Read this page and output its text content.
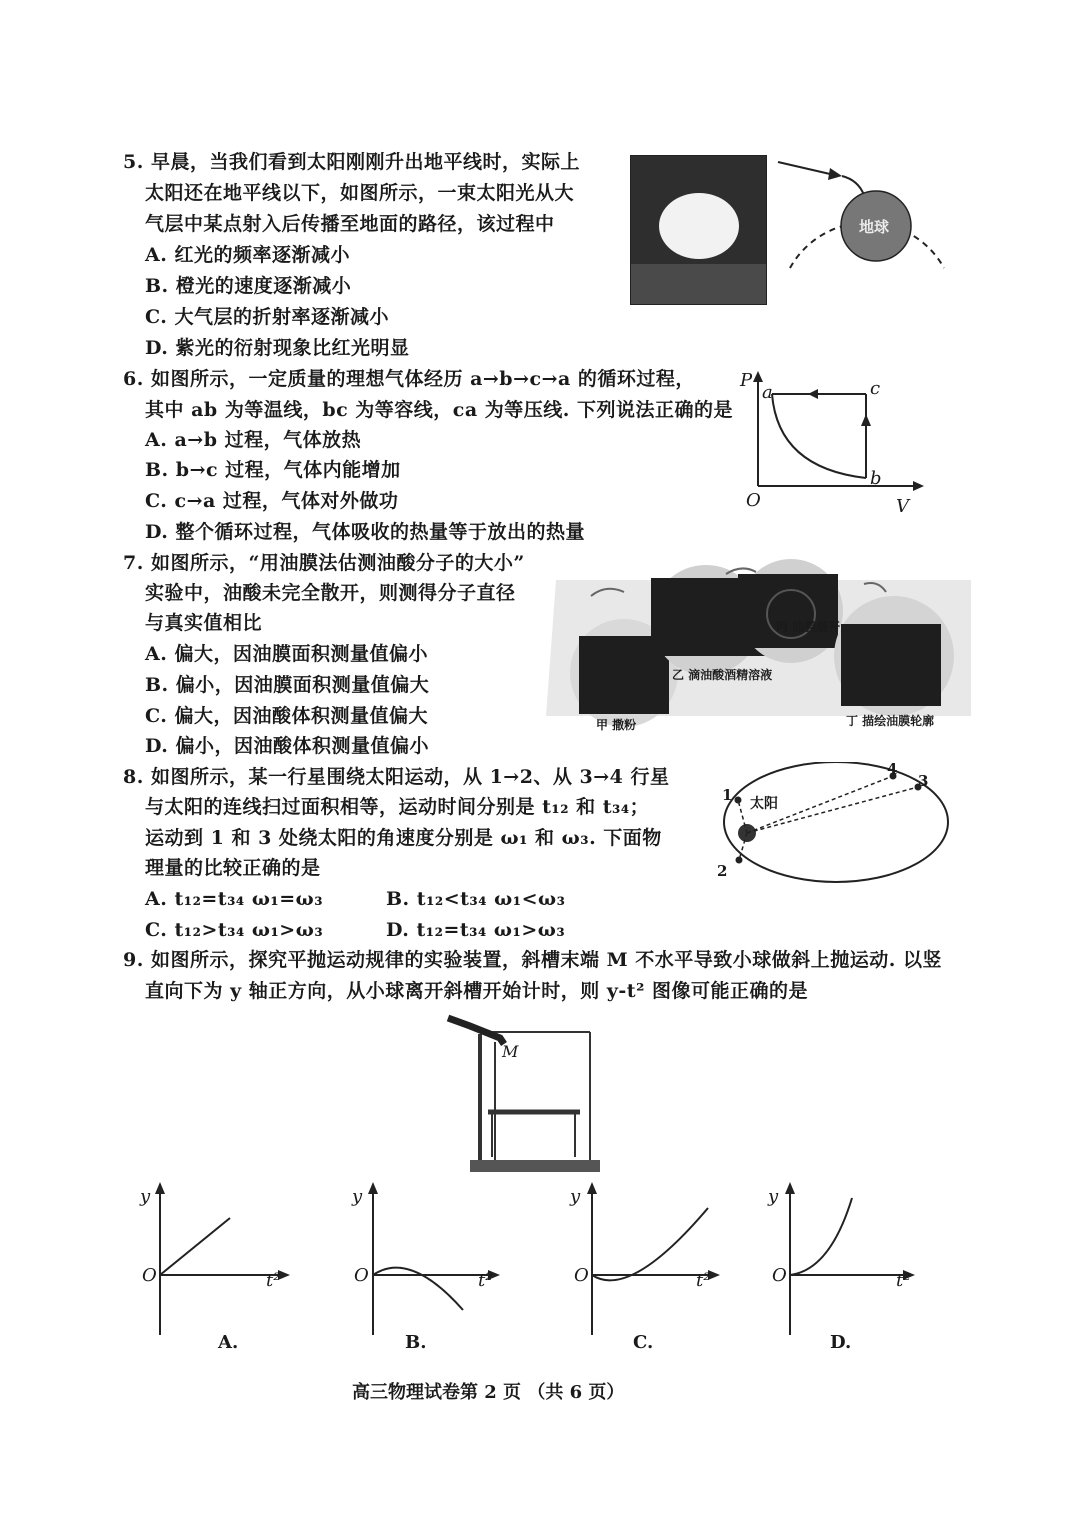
5. 早晨，当我们看到太阳刚刚升出地平线时，实际上
太阳还在地平线以下，如图所示，一束太阳光从大
气层中某点射入后传播至地面的路径，该过程中
A. 红光的频率逐渐减小
B. 橙光的速度逐渐减小
C. 大气层的折射率逐渐减小
D. 紫光的衍射现象比红光明显
地球
6. 如图所示，一定质量的理想气体经历 a→b→c→a 的循环过程，
其中 ab 为等温线，bc 为等容线，ca 为等压线. 下列说法正确的是
A. a→b 过程，气体放热
B. b→c 过程，气体内能增加
C. c→a 过程，气体对外做功
D. 整个循环过程，气体吸收的热量等于放出的热量
P
V
O
a
b
c
7. 如图所示，“用油膜法估测油酸分子的大小”
实验中，油酸未完全散开，则测得分子直径
与真实值相比
A. 偏大，因油膜面积测量值偏小
B. 偏小，因油膜面积测量值偏大
C. 偏大，因油酸体积测量值偏大
D. 偏小，因油酸体积测量值偏小
甲 撒粉
乙 滴油酸酒精溶液
丙 油膜展开
丁 描绘油膜轮廓
8. 如图所示，某一行星围绕太阳运动，从 1→2、从 3→4 行星
与太阳的连线扫过面积相等，运动时间分别是 t₁₂ 和 t₃₄；
运动到 1 和 3 处绕太阳的角速度分别是 ω₁ 和 ω₃. 下面物
理量的比较正确的是
A. t₁₂=t₃₄ ω₁=ω₃	B. t₁₂<t₃₄ ω₁<ω₃
C. t₁₂>t₃₄ ω₁>ω₃	D. t₁₂=t₃₄ ω₁>ω₃
太阳
1
2
3
4
9. 如图所示，探究平抛运动规律的实验装置，斜槽末端 M 不水平导致小球做斜上抛运动. 以竖
直向下为 y 轴正方向，从小球离开斜槽开始计时，则 y-t² 图像可能正确的是
M
y
t²
O
A.
y
t²
O
B.
y
t²
O
C.
y
t²
O
D.
高三物理试卷第 2 页 （共 6 页）
